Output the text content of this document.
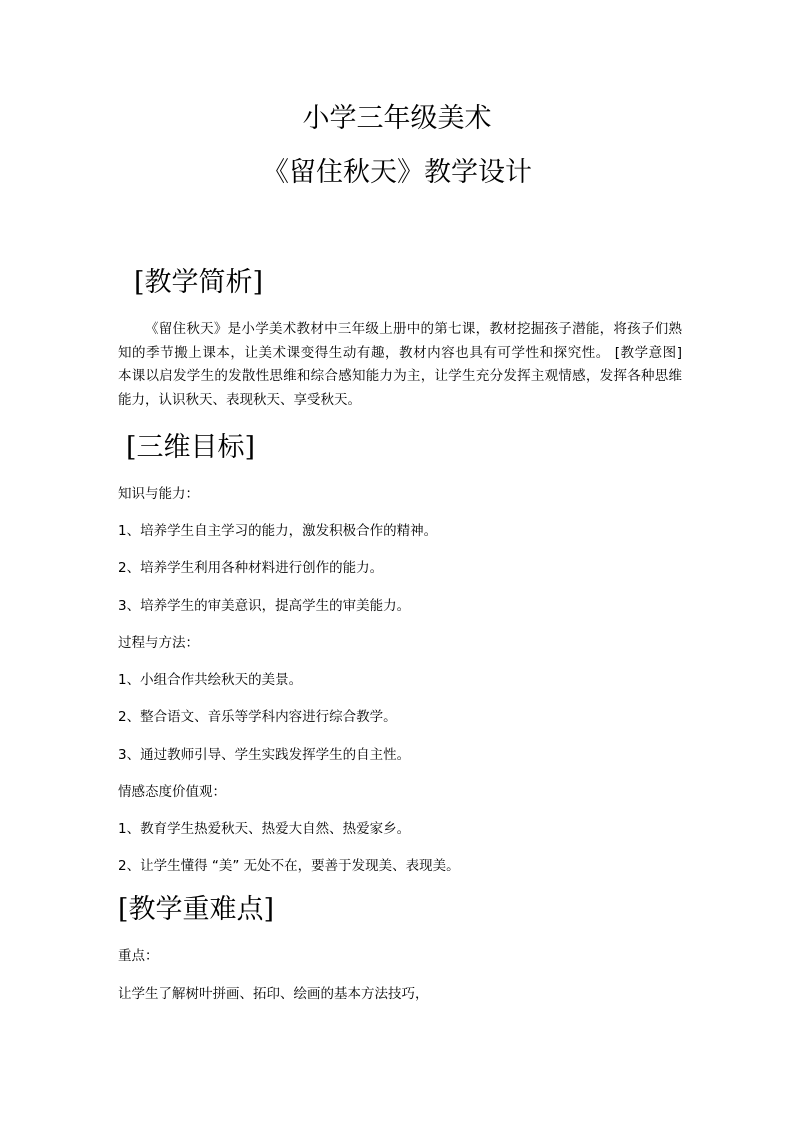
小学三年级美术
《留住秋天》教学设计
[教学简析]
《留住秋天》是小学美术教材中三年级上册中的第七课，教材挖掘孩子潜能，将孩子们熟知的季节搬上课本，让美术课变得生动有趣，教材内容也具有可学性和探究性。 [教学意图]　本课以启发学生的发散性思维和综合感知能力为主，让学生充分发挥主观情感，发挥各种思维能力，认识秋天、表现秋天、享受秋天。
[三维目标]
知识与能力：
1、培养学生自主学习的能力，激发积极合作的精神。
2、培养学生利用各种材料进行创作的能力。
3、培养学生的审美意识，提高学生的审美能力。
过程与方法：
1、小组合作共绘秋天的美景。
2、整合语文、音乐等学科内容进行综合教学。
3、通过教师引导、学生实践发挥学生的自主性。
情感态度价值观：
1、教育学生热爱秋天、热爱大自然、热爱家乡。
2、让学生懂得 “美” 无处不在，要善于发现美、表现美。
[教学重难点]
重点：
让学生了解树叶拼画、拓印、绘画的基本方法技巧，
